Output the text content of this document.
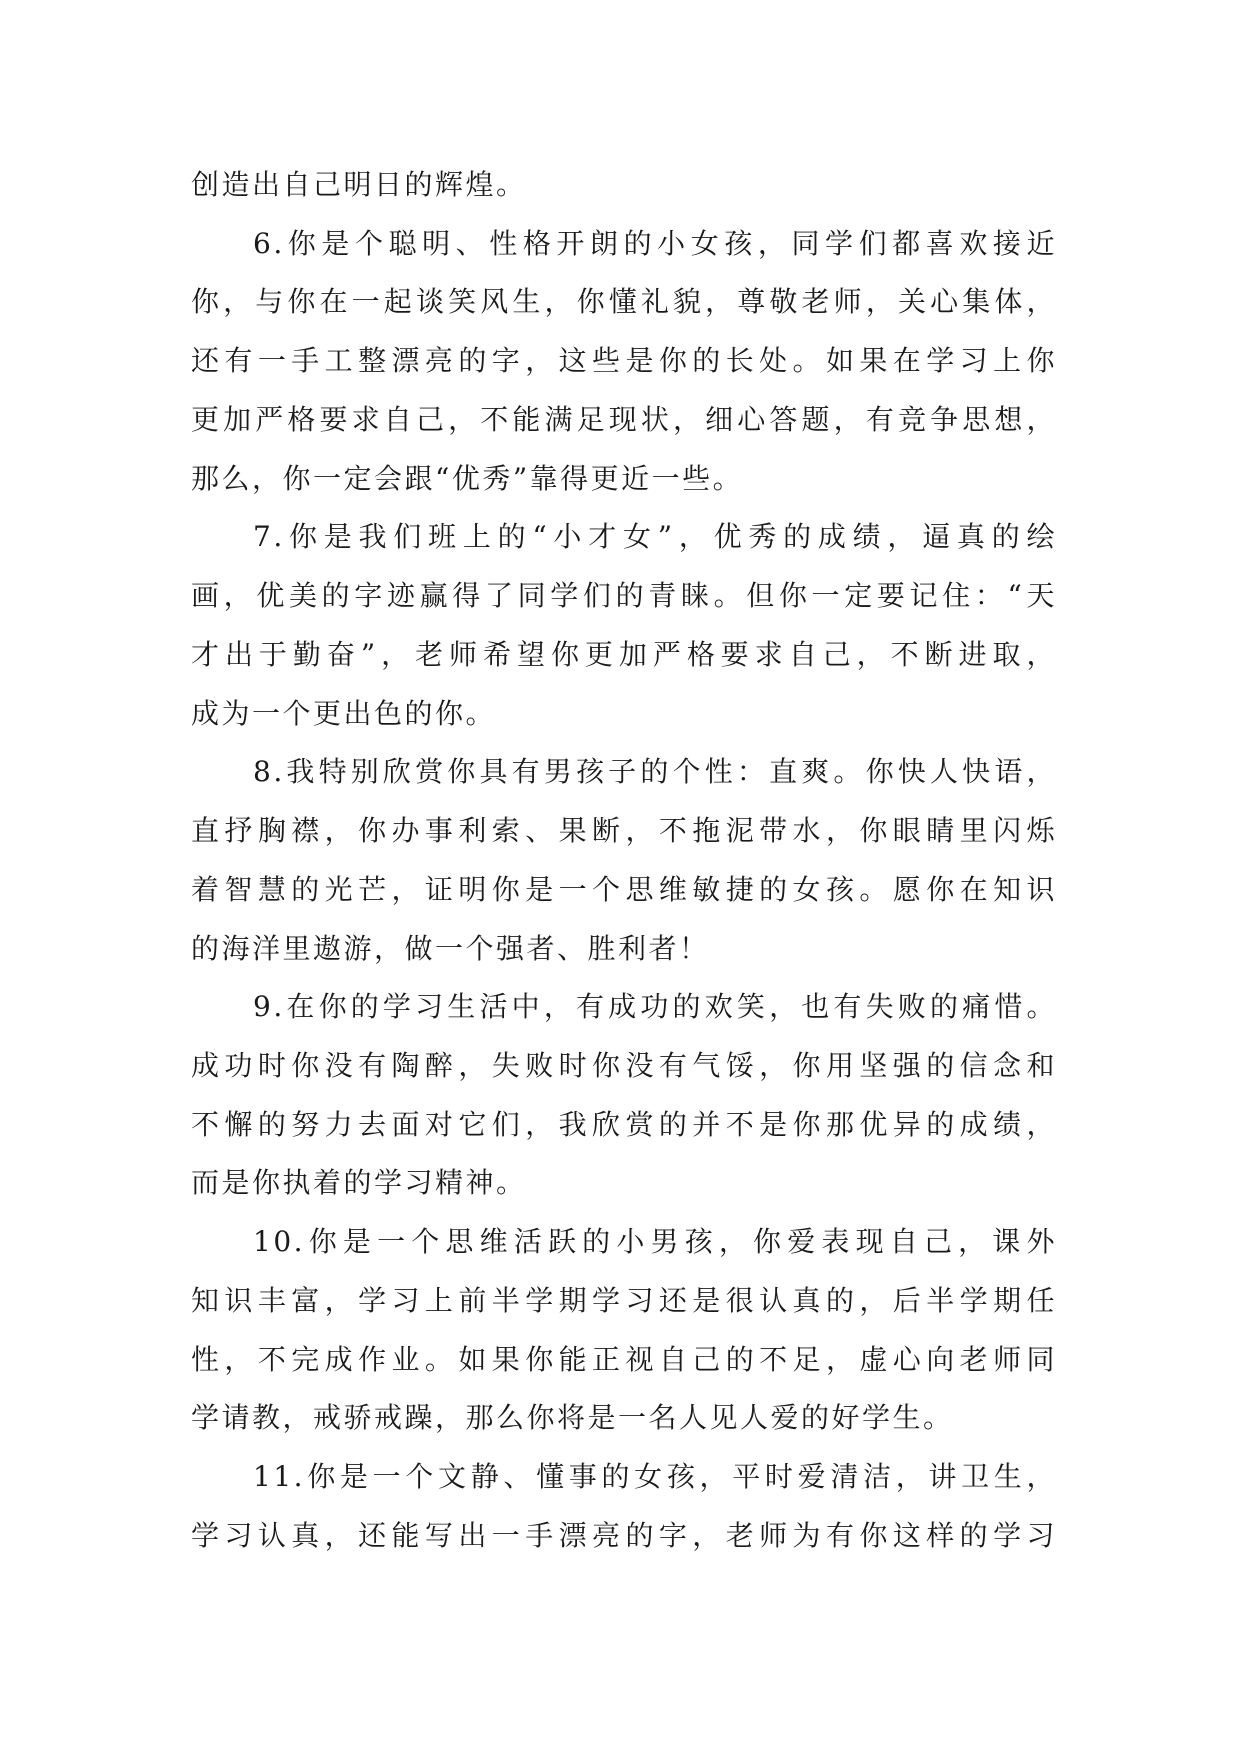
创造出自己明日的辉煌。
6.你是个聪明、性格开朗的小女孩，同学们都喜欢接近
你，与你在一起谈笑风生，你懂礼貌，尊敬老师，关心集体，
还有一手工整漂亮的字，这些是你的长处。如果在学习上你
更加严格要求自己，不能满足现状，细心答题，有竞争思想，
那么，你一定会跟“优秀”靠得更近一些。
7.你是我们班上的“小才女”，优秀的成绩，逼真的绘
画，优美的字迹赢得了同学们的青睐。但你一定要记住：“天
才出于勤奋”，老师希望你更加严格要求自己，不断进取，
成为一个更出色的你。
8.我特别欣赏你具有男孩子的个性：直爽。你快人快语，
直抒胸襟，你办事利索、果断，不拖泥带水，你眼睛里闪烁
着智慧的光芒，证明你是一个思维敏捷的女孩。愿你在知识
的海洋里遨游，做一个强者、胜利者！
9.在你的学习生活中，有成功的欢笑，也有失败的痛惜。
成功时你没有陶醉，失败时你没有气馁，你用坚强的信念和
不懈的努力去面对它们，我欣赏的并不是你那优异的成绩，
而是你执着的学习精神。
10.你是一个思维活跃的小男孩，你爱表现自己，课外
知识丰富，学习上前半学期学习还是很认真的，后半学期任
性，不完成作业。如果你能正视自己的不足，虚心向老师同
学请教，戒骄戒躁，那么你将是一名人见人爱的好学生。
11.你是一个文静、懂事的女孩，平时爱清洁，讲卫生，
学习认真，还能写出一手漂亮的字，老师为有你这样的学习
